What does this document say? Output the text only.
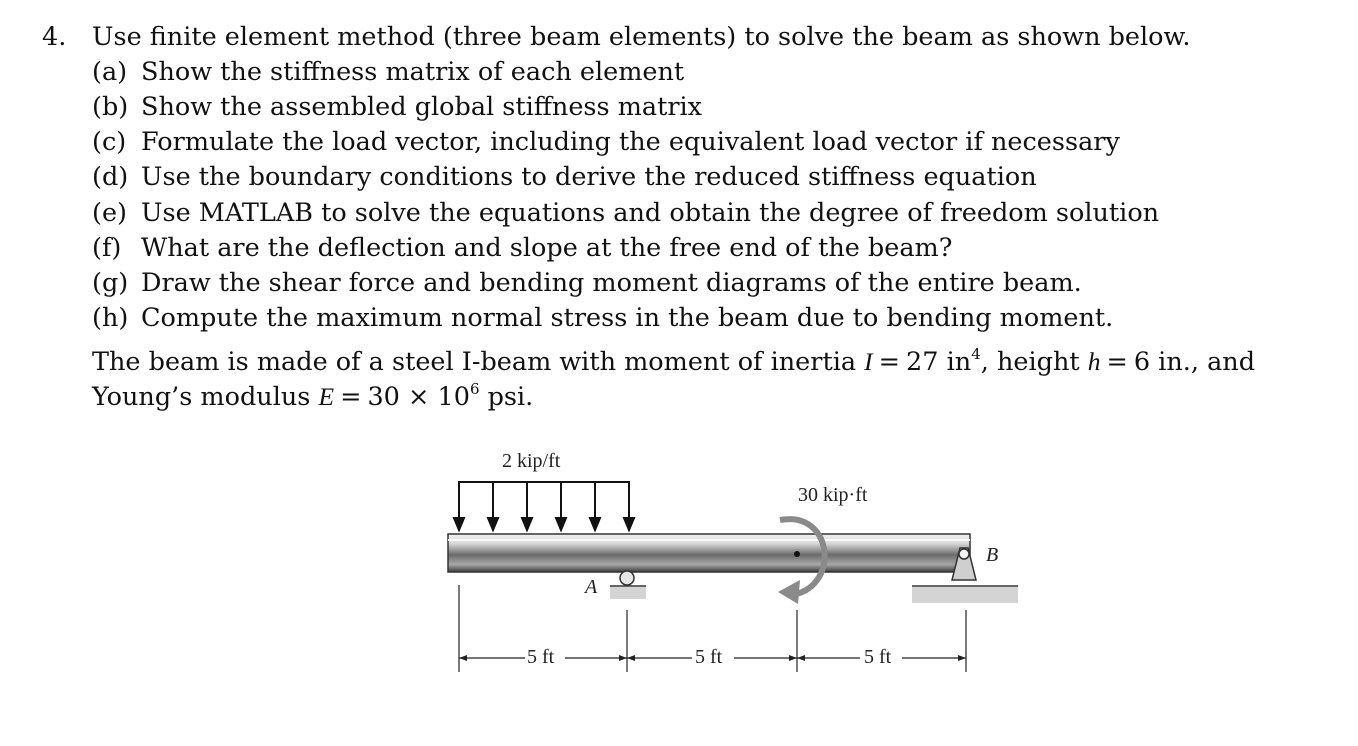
4. Use finite element method (three beam elements) to solve the beam as shown below.
(a) Show the stiffness matrix of each element
(b) Show the assembled global stiffness matrix
(c) Formulate the load vector, including the equivalent load vector if necessary
(d) Use the boundary conditions to derive the reduced stiffness equation
(e) Use MATLAB to solve the equations and obtain the degree of freedom solution
(f) What are the deflection and slope at the free end of the beam?
(g) Draw the shear force and bending moment diagrams of the entire beam.
(h) Compute the maximum normal stress in the beam due to bending moment.
The beam is made of a steel I-beam with moment of inertia I = 27 $in^4$, height h = 6 in., and
Young’s modulus $E = 30 \times 10^6$ psi.
2 kip/ft
30 kip·ft
A
B
5 ft	5 ft	5 ft
